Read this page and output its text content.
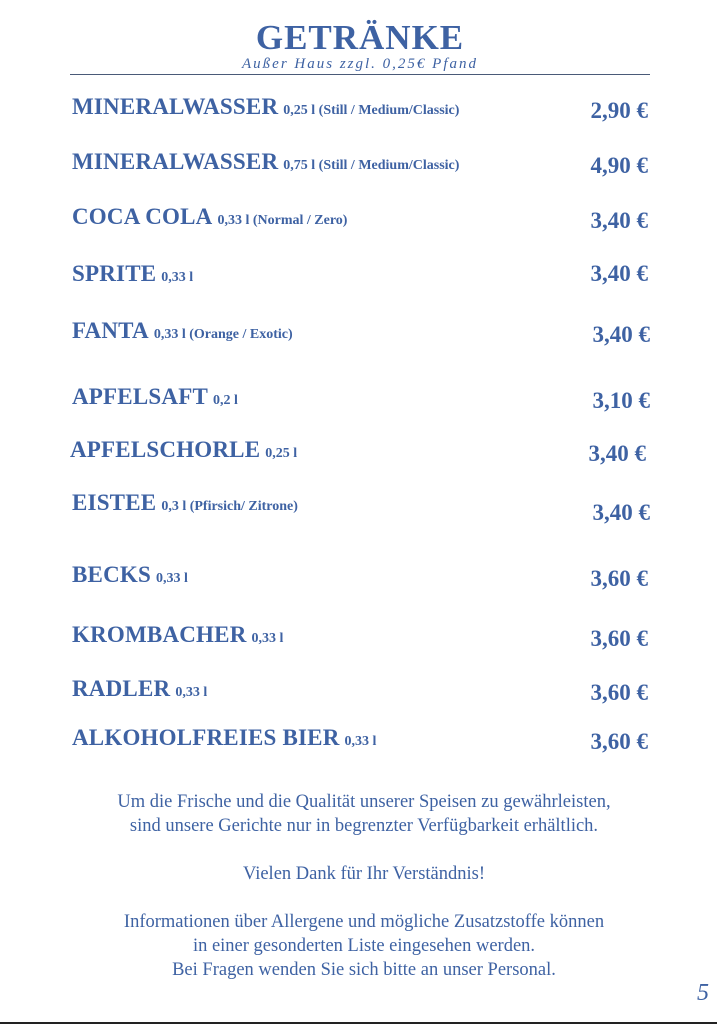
GETRÄNKE
Außer Haus zzgl. 0,25€ Pfand
MINERALWASSER 0,25 l (Still / Medium/Classic)	2,90 €
MINERALWASSER 0,75 l (Still / Medium/Classic)	4,90 €
COCA COLA 0,33 l (Normal / Zero)	3,40 €
SPRITE 0,33 l	3,40 €
FANTA 0,33 l (Orange / Exotic)	3,40 €
APFELSAFT 0,2 l	3,10 €
APFELSCHORLE 0,25 l	3,40 €
EISTEE 0,3 l (Pfirsich/ Zitrone)	3,40 €
BECKS 0,33 l	3,60 €
KROMBACHER 0,33 l	3,60 €
RADLER 0,33 l	3,60 €
ALKOHOLFREIES BIER 0,33 l	3,60 €
Um die Frische und die Qualität unserer Speisen zu gewährleisten,
sind unsere Gerichte nur in begrenzter Verfügbarkeit erhältlich.
Vielen Dank für Ihr Verständnis!
Informationen über Allergene und mögliche Zusatzstoffe können
in einer gesonderten Liste eingesehen werden.
Bei Fragen wenden Sie sich bitte an unser Personal.
5
